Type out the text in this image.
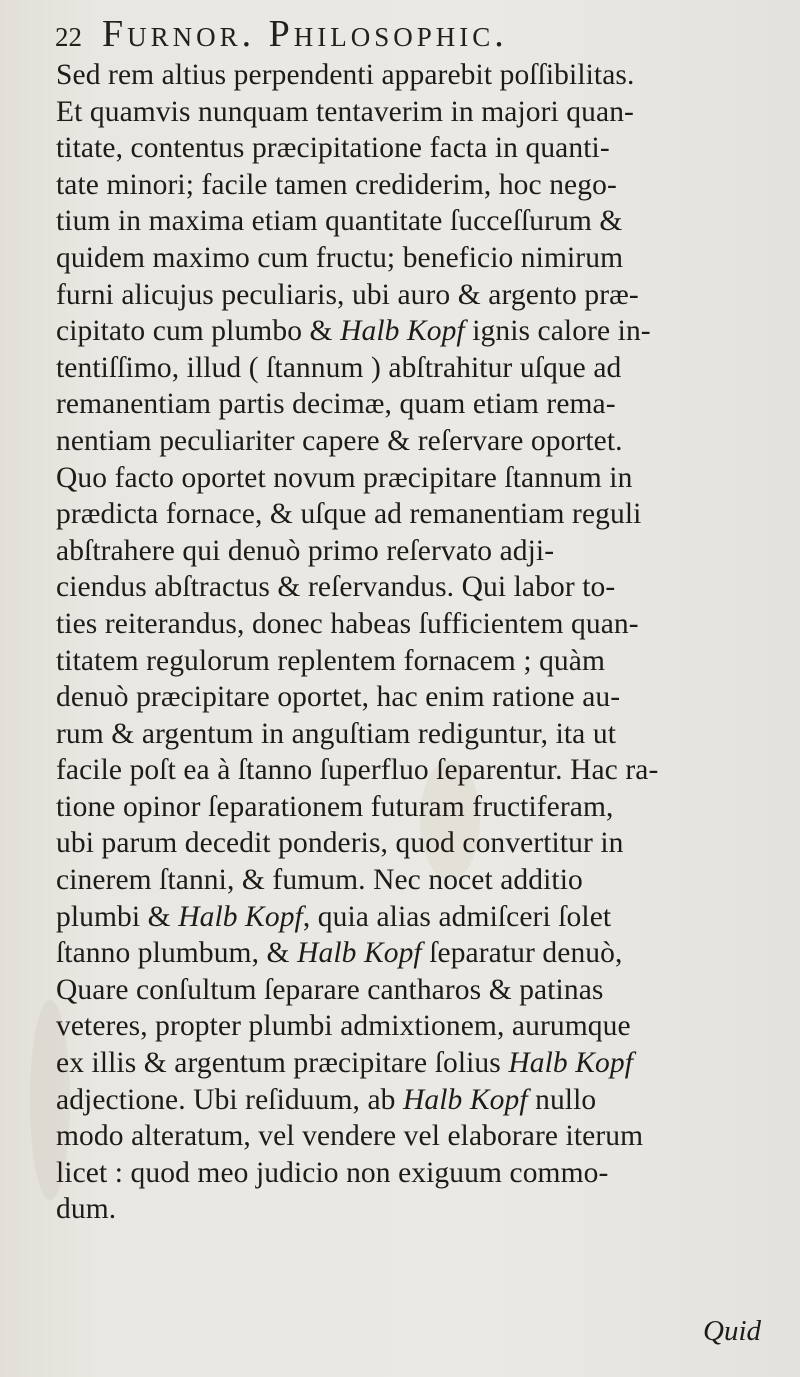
22 Furnor. Philosophic.
Sed rem altius perpendenti apparebit poſſibilitas.
Et quamvis nunquam tentaverim in majori quan-
titate, contentus præcipitatione facta in quanti-
tate minori; facile tamen crediderim, hoc nego-
tium in maxima etiam quantitate ſucceſſurum &
quidem maximo cum fructu; beneficio nimirum
furni alicujus peculiaris, ubi auro & argento præ-
cipitato cum plumbo & Halb Kopf ignis calore in-
tentiſſimo, illud ( ſtannum ) abſtrahitur uſque ad
remanentiam partis decimæ, quam etiam rema-
nentiam peculiariter capere & reſervare oportet.
Quo facto oportet novum præcipitare ſtannum in
prædicta fornace, & uſque ad remanentiam reguli
abſtrahere qui denuò primo reſervato adji-
ciendus abſtractus & reſervandus. Qui labor to-
ties reiterandus, donec habeas ſufficientem quan-
titatem regulorum replentem fornacem ; quàm
denuò præcipitare oportet, hac enim ratione au-
rum & argentum in anguſtiam rediguntur, ita ut
facile poſt ea à ſtanno ſuperfluo ſeparentur. Hac ra-
tione opinor ſeparationem futuram fructiferam,
ubi parum decedit ponderis, quod convertitur in
cinerem ſtanni, & fumum. Nec nocet additio
plumbi & Halb Kopf, quia alias admiſceri ſolet
ſtanno plumbum, & Halb Kopf ſeparatur denuò,
Quare conſultum ſeparare cantharos & patinas
veteres, propter plumbi admixtionem, aurumque
ex illis & argentum præcipitare ſolius Halb Kopf
adjectione. Ubi reſiduum, ab Halb Kopf nullo
modo alteratum, vel vendere vel elaborare iterum
licet : quod meo judicio non exiguum commo-
dum.
Quid
